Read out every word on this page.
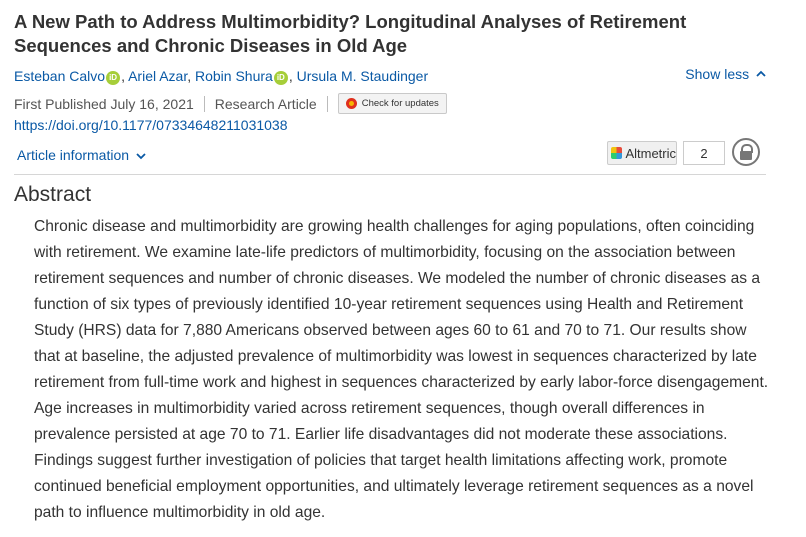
A New Path to Address Multimorbidity? Longitudinal Analyses of Retirement Sequences and Chronic Diseases in Old Age
Esteban Calvo iD , Ariel Azar, Robin Shura iD , Ursula M. Staudinger	Show less
First Published July 16, 2021 Research Article	Check for updates
https://doi.org/10.1177/07334648211031038
Article information	Altmetric	2
Abstract

Chronic disease and multimorbidity are growing health challenges for aging populations, often coinciding with retirement. We examine late-life predictors of multimorbidity, focusing on the association between retirement sequences and number of chronic diseases. We modeled the number of chronic diseases as a function of six types of previously identified 10-year retirement sequences using Health and Retirement Study (HRS) data for 7,880 Americans observed between ages 60 to 61 and 70 to 71. Our results show that at baseline, the adjusted prevalence of multimorbidity was lowest in sequences characterized by late retirement from full-time work and highest in sequences characterized by early labor-force disengagement. Age increases in multimorbidity varied across retirement sequences, though overall differences in prevalence persisted at age 70 to 71. Earlier life disadvantages did not moderate these associations. Findings suggest further investigation of policies that target health limitations affecting work, promote continued beneficial employment opportunities, and ultimately leverage retirement sequences as a novel path to influence multimorbidity in old age.
